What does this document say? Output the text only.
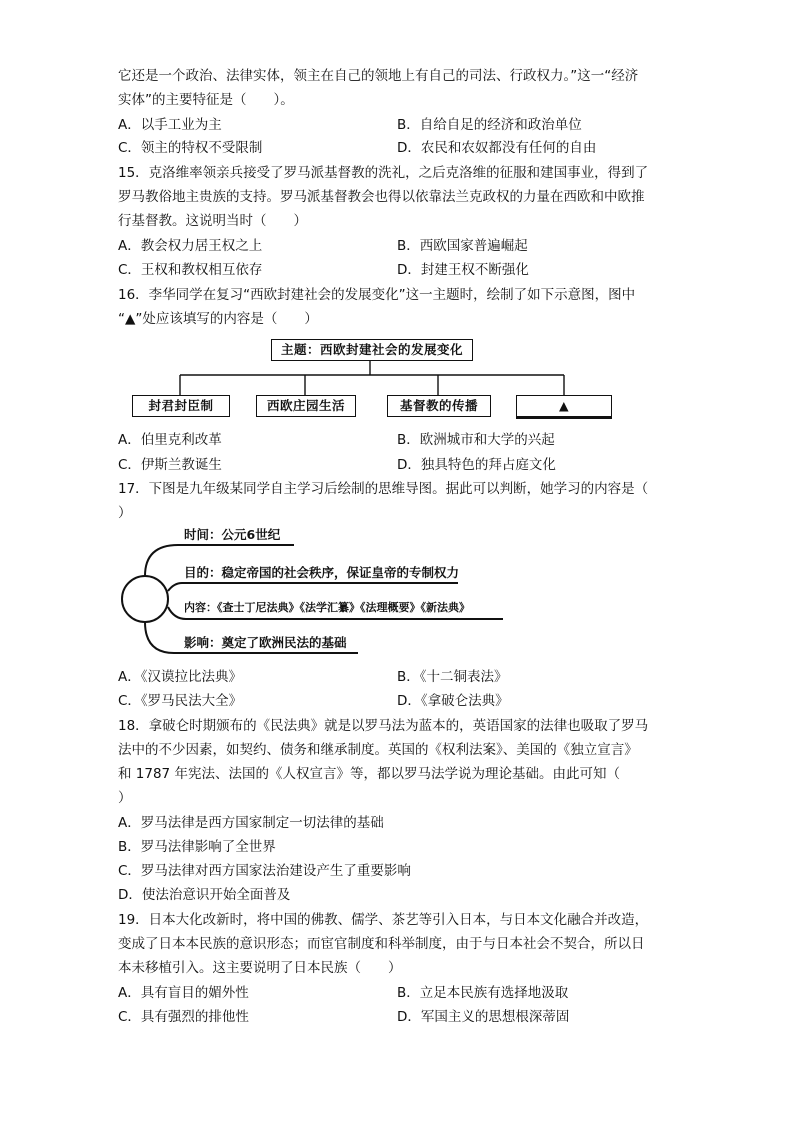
它还是一个政治、法律实体，领主在自己的领地上有自己的司法、行政权力。”这一“经济
实体”的主要特征是（　　）。
A．以手工业为主	B．自给自足的经济和政治单位
C．领主的特权不受限制	D．农民和农奴都没有任何的自由
15．克洛维率领亲兵接受了罗马派基督教的洗礼，之后克洛维的征服和建国事业，得到了
罗马教俗地主贵族的支持。罗马派基督教会也得以依靠法兰克政权的力量在西欧和中欧推
行基督教。这说明当时（　　）
A．教会权力居王权之上	B．西欧国家普遍崛起
C．王权和教权相互依存	D．封建王权不断强化
16．李华同学在复习“西欧封建社会的发展变化”这一主题时，绘制了如下示意图，图中
“▲”处应该填写的内容是（　　）
主题：西欧封建社会的发展变化
封君封臣制	西欧庄园生活	基督教的传播	▲
A．伯里克利改革	B．欧洲城市和大学的兴起
C．伊斯兰教诞生	D．独具特色的拜占庭文化
17．下图是九年级某同学自主学习后绘制的思维导图。据此可以判断，她学习的内容是（
）
时间：公元6世纪
目的：稳定帝国的社会秩序，保证皇帝的专制权力
内容：《查士丁尼法典》《法学汇纂》《法理概要》《新法典》
影响：奠定了欧洲民法的基础
A．《汉谟拉比法典》	B．《十二铜表法》
C．《罗马民法大全》	D．《拿破仑法典》
18．拿破仑时期颁布的《民法典》就是以罗马法为蓝本的，英语国家的法律也吸取了罗马
法中的不少因素，如契约、债务和继承制度。英国的《权利法案》、美国的《独立宣言》
和 1787 年宪法、法国的《人权宣言》等，都以罗马法学说为理论基础。由此可知（
）
A．罗马法律是西方国家制定一切法律的基础
B．罗马法律影响了全世界
C．罗马法律对西方国家法治建设产生了重要影响
D．使法治意识开始全面普及
19．日本大化改新时，将中国的佛教、儒学、茶艺等引入日本，与日本文化融合并改造，
变成了日本本民族的意识形态；而宦官制度和科举制度，由于与日本社会不契合，所以日
本未移植引入。这主要说明了日本民族（　　）
A．具有盲目的媚外性	B．立足本民族有选择地汲取
C．具有强烈的排他性	D．军国主义的思想根深蒂固
